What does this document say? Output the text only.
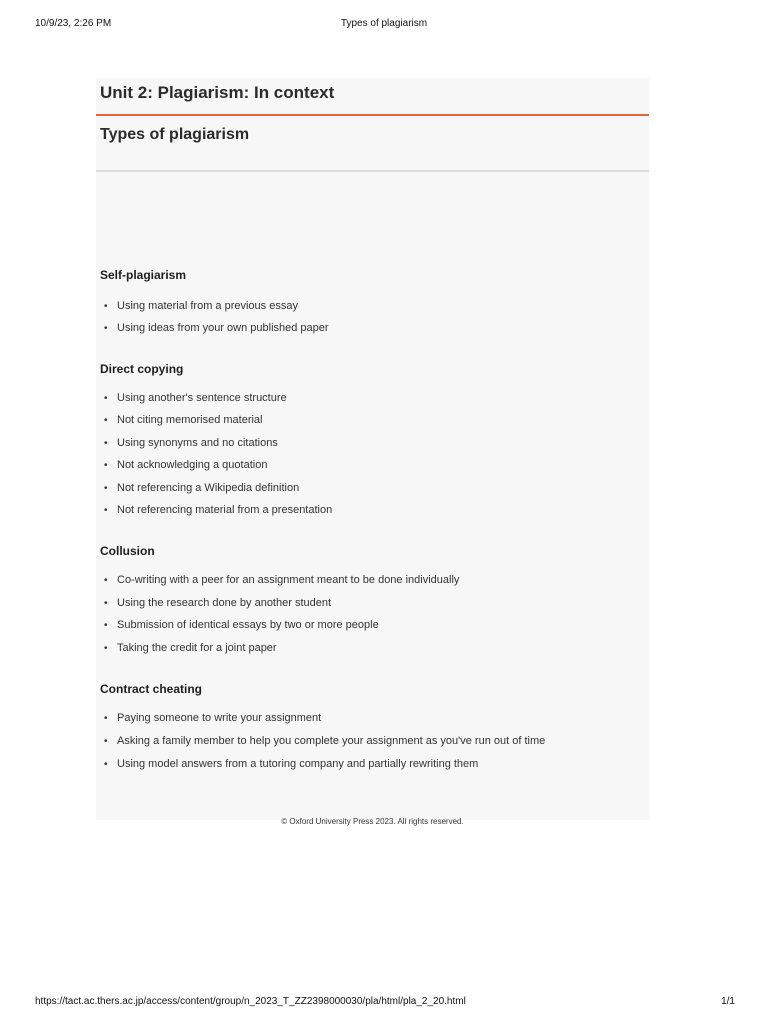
10/9/23, 2:26 PM	Types of plagiarism
Unit 2: Plagiarism: In context
Types of plagiarism
Self-plagiarism
• Using material from a previous essay
• Using ideas from your own published paper
Direct copying
• Using another's sentence structure
• Not citing memorised material
• Using synonyms and no citations
• Not acknowledging a quotation
• Not referencing a Wikipedia definition
• Not referencing material from a presentation
Collusion
• Co-writing with a peer for an assignment meant to be done individually
• Using the research done by another student
• Submission of identical essays by two or more people
• Taking the credit for a joint paper
Contract cheating
• Paying someone to write your assignment
• Asking a family member to help you complete your assignment as you've run out of time
• Using model answers from a tutoring company and partially rewriting them
© Oxford University Press 2023. All rights reserved.
https://tact.ac.thers.ac.jp/access/content/group/n_2023_T_ZZ2398000030/pla/html/pla_2_20.html	1/1
